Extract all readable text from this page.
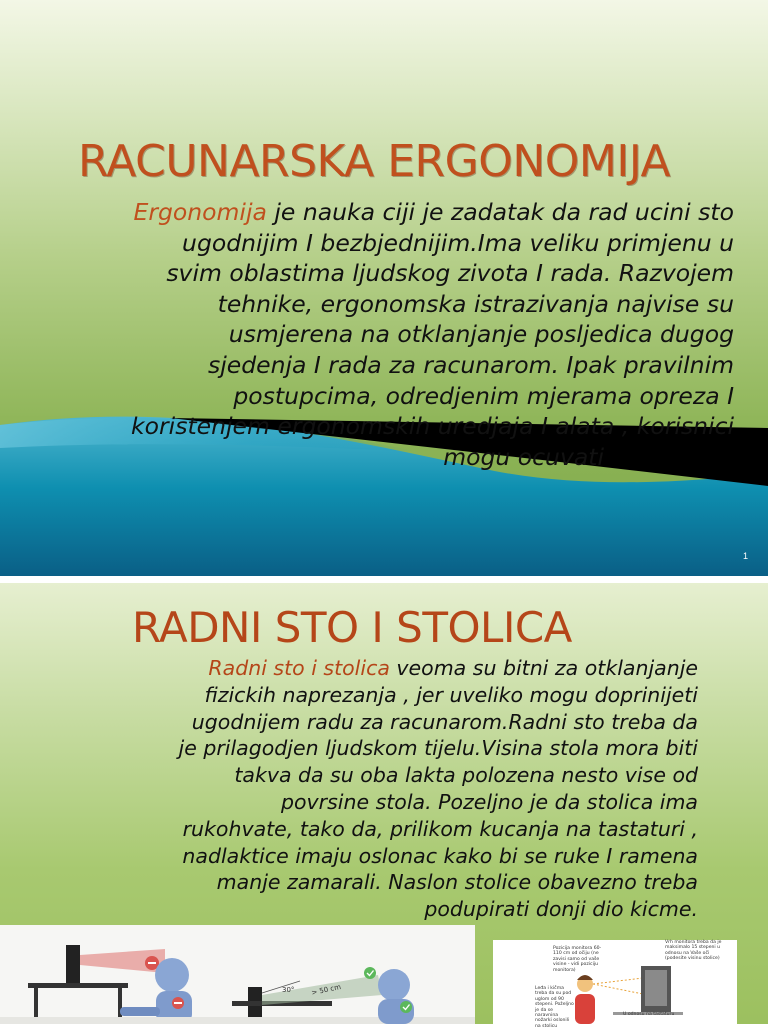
RACUNARSKA ERGONOMIJA
Ergonomija je nauka ciji je zadatak da rad ucini sto
ugodnijim I bezbjednijim.Ima veliku primjenu u
svim oblastima ljudskog zivota I rada. Razvojem
tehnike, ergonomska istrazivanja najvise su
usmjerena na otklanjanje posljedica dugog
sjedenja I rada za racunarom. Ipak pravilnim
postupcima, odredjenim mjerama opreza I
koristenjem ergonomskih uredjaja I alata , korisnici
mogu ocuvati
1
RADNI STO I STOLICA
Radni sto i stolica veoma su bitni za otklanjanje
fizickih naprezanja , jer uveliko mogu doprinijeti
ugodnijem radu za racunarom.Radni sto treba da
je prilagodjen ljudskom tijelu.Visina stola mora biti
takva da su oba lakta polozena nesto vise od
povrsine stola. Pozeljno je da stolica ima
rukohvate, tako da, prilikom kucanja na tastaturi ,
nadlaktice imaju oslonac kako bi se ruke I ramena
manje zamarali. Naslon stolice obavezno treba
podupirati donji dio kicme.
30° > 50 cm
Pozicija monitora 60-110 cm od očiju (ne zavisi samo od vaše visine - vidi poziciju monitora)
Vrh monitora treba da je maksimalo 15 stepeni u odnosu na Vaše oči (podesite visinu stolice)
Leđa i kičma treba da su pod uglom od 90 stepeni. Poželjno je da se naravnina nožarki oslonili na stolicu
U odnosu na tastaturu
